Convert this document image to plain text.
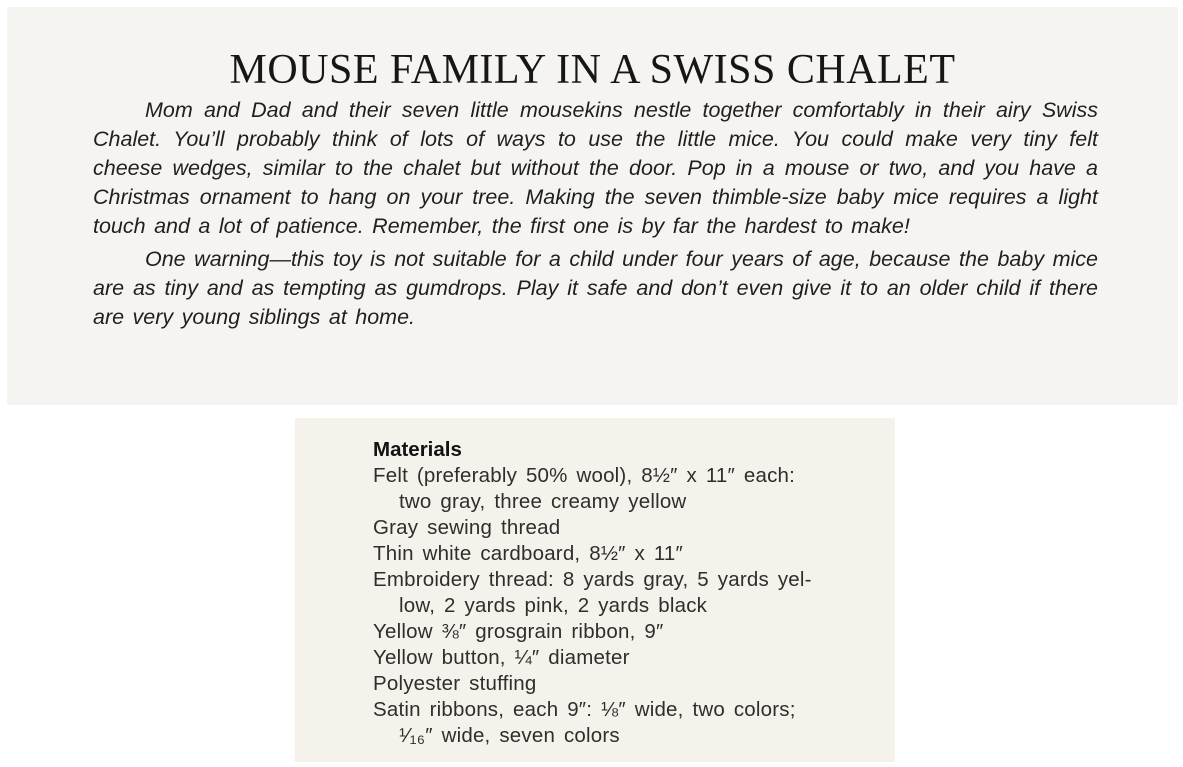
MOUSE FAMILY IN A SWISS CHALET

Mom and Dad and their seven little mousekins nestle together comfortably in their airy Swiss Chalet. You’ll probably think of lots of ways to use the little mice. You could make very tiny felt cheese wedges, similar to the chalet but without the door. Pop in a mouse or two, and you have a Christmas ornament to hang on your tree. Making the seven thimble-size baby mice requires a light touch and a lot of patience. Remember, the first one is by far the hardest to make!

One warning—this toy is not suitable for a child under four years of age, because the baby mice are as tiny and as tempting as gumdrops. Play it safe and don’t even give it to an older child if there are very young siblings at home.

Materials
Felt (preferably 50% wool), 8½″ x 11″ each:
two gray, three creamy yellow
Gray sewing thread
Thin white cardboard, 8½″ x 11″
Embroidery thread: 8 yards gray, 5 yards yel-
low, 2 yards pink, 2 yards black
Yellow ⅜″ grosgrain ribbon, 9″
Yellow button, ¼″ diameter
Polyester stuffing
Satin ribbons, each 9″: ⅛″ wide, two colors;
¹⁄₁₆″ wide, seven colors
